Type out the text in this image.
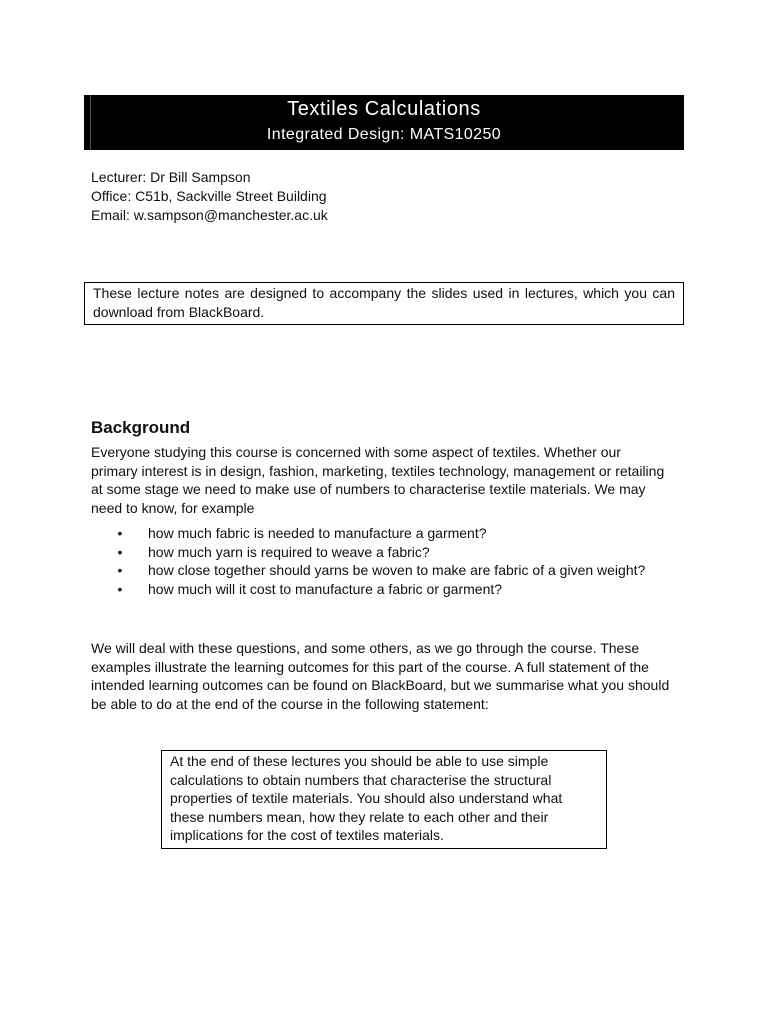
Textiles Calculations
Integrated Design: MATS10250
Lecturer: Dr Bill Sampson
Office: C51b, Sackville Street Building
Email: w.sampson@manchester.ac.uk
These lecture notes are designed to accompany the slides used in lectures, which you can download from BlackBoard.
Background
Everyone studying this course is concerned with some aspect of textiles. Whether our primary interest is in design, fashion, marketing, textiles technology, management or retailing at some stage we need to make use of numbers to characterise textile materials. We may need to know, for example
• how much fabric is needed to manufacture a garment?
• how much yarn is required to weave a fabric?
• how close together should yarns be woven to make are fabric of a given weight?
• how much will it cost to manufacture a fabric or garment?
We will deal with these questions, and some others, as we go through the course. These examples illustrate the learning outcomes for this part of the course. A full statement of the intended learning outcomes can be found on BlackBoard, but we summarise what you should be able to do at the end of the course in the following statement:
At the end of these lectures you should be able to use simple calculations to obtain numbers that characterise the structural properties of textile materials. You should also understand what these numbers mean, how they relate to each other and their implications for the cost of textiles materials.
